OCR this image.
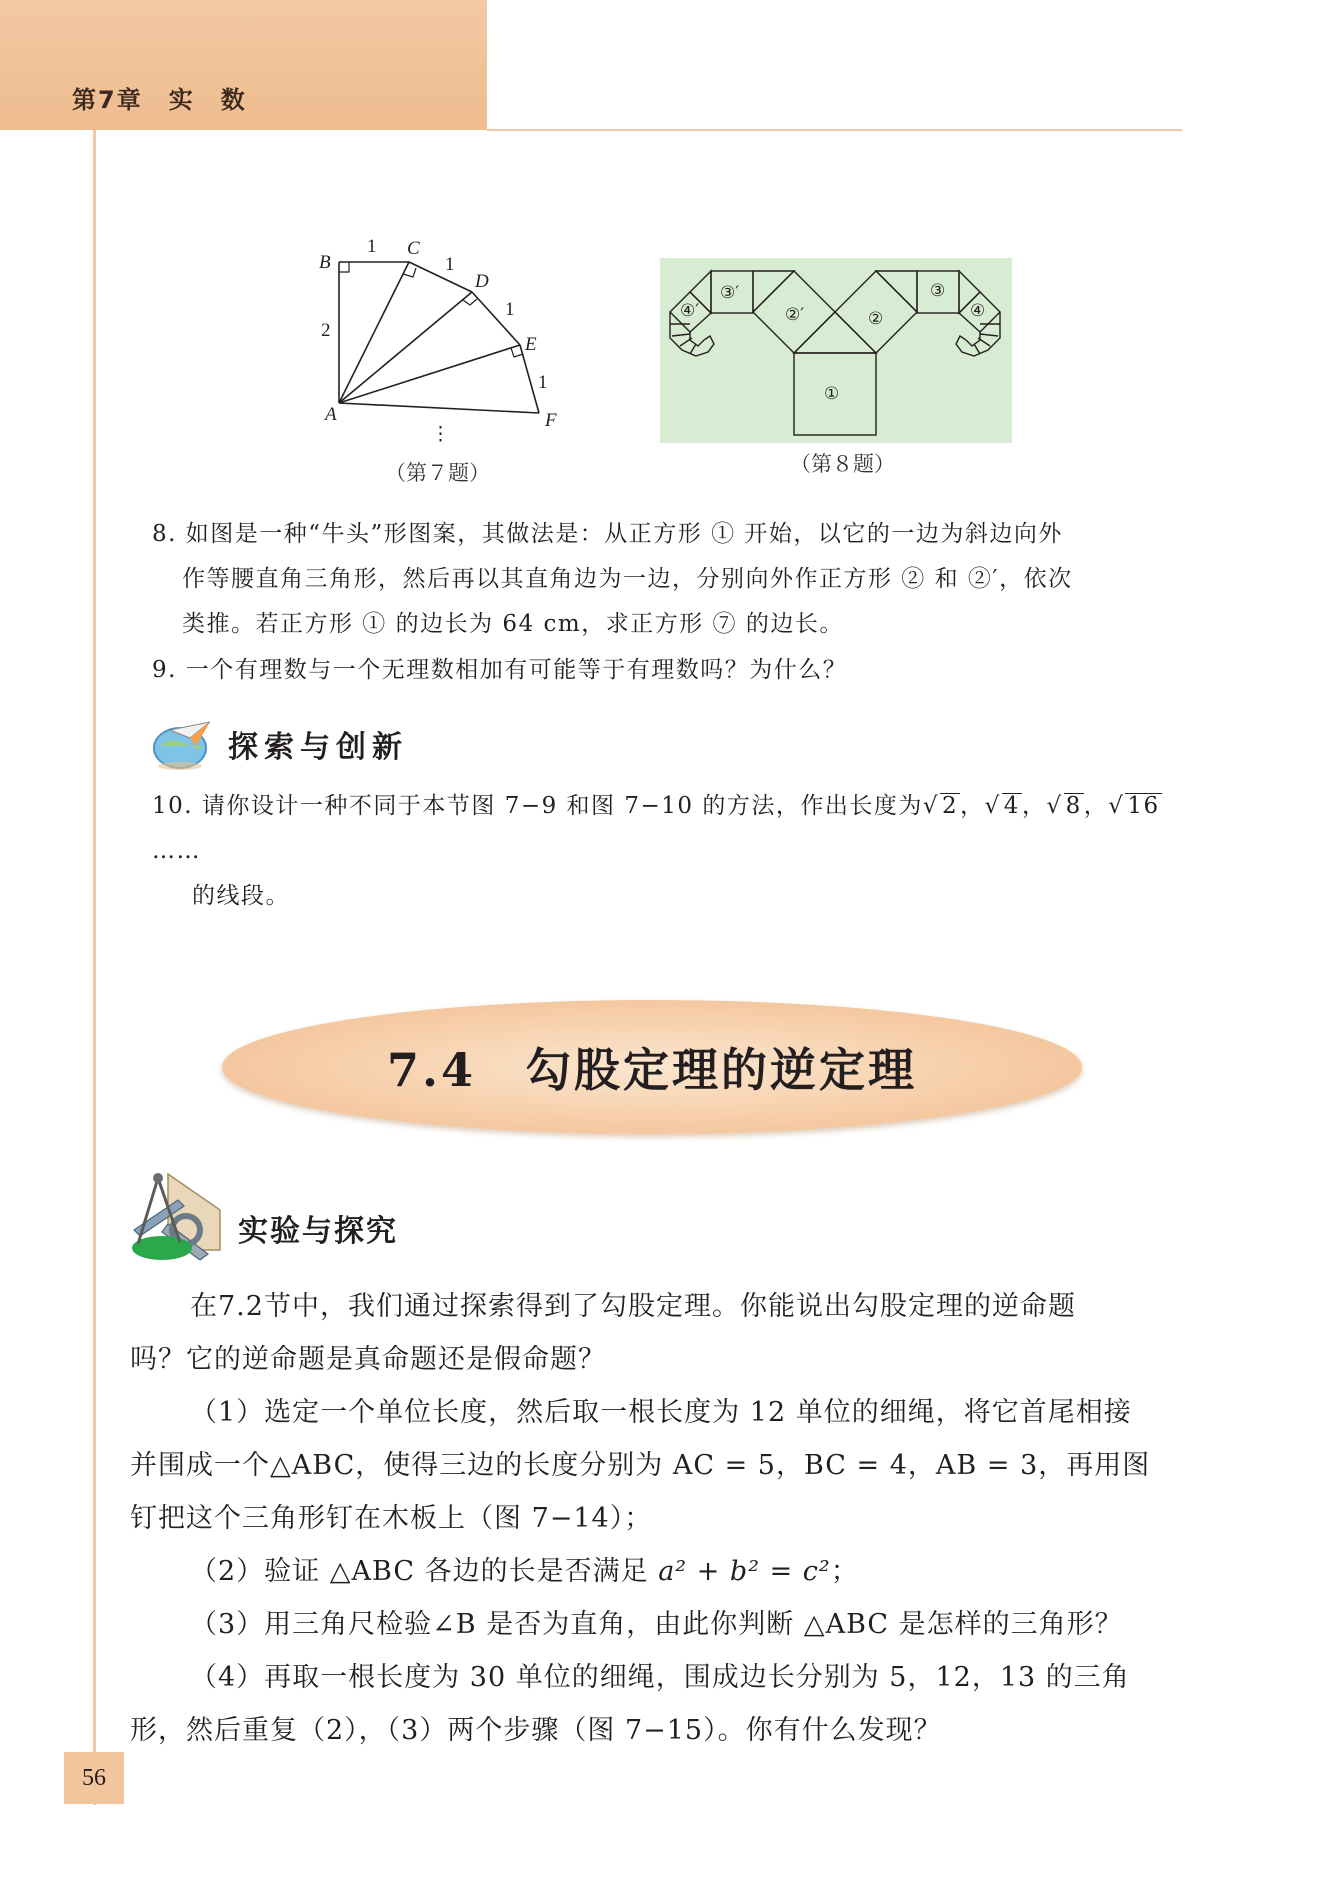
第7章　实　数
B
C
D
E
A	F
1
1
1
1
2
⋮
（第７题）
①
②′	②
③′	③
④′	④
（第８题）
8. 如图是一种“牛头”形图案，其做法是：从正方形 ① 开始，以它的一边为斜边向外
作等腰直角三角形，然后再以其直角边为一边，分别向外作正方形 ② 和 ②′，依次
类推。若正方形 ① 的边长为 64 cm，求正方形 ⑦ 的边长。
9. 一个有理数与一个无理数相加有可能等于有理数吗？为什么？
探索与创新
10. 请你设计一种不同于本节图 7−9 和图 7−10 的方法，作出长度为√ 2，√ 4，√ 8，√ 16……
的线段。
7.4　勾股定理的逆定理
实验与探究
在7.2节中，我们通过探索得到了勾股定理。你能说出勾股定理的逆命题
吗？它的逆命题是真命题还是假命题？
（1）选定一个单位长度，然后取一根长度为 12 单位的细绳，将它首尾相接
并围成一个△ABC，使得三边的长度分别为 AC = 5，BC = 4，AB = 3，再用图
钉把这个三角形钉在木板上（图 7−14）；
（2）验证 △ABC 各边的长是否满足 a² + b² = c²；
（3）用三角尺检验∠B 是否为直角，由此你判断 △ABC 是怎样的三角形？
（4）再取一根长度为 30 单位的细绳，围成边长分别为 5，12，13 的三角
形，然后重复（2），（3）两个步骤（图 7−15）。你有什么发现？
56
